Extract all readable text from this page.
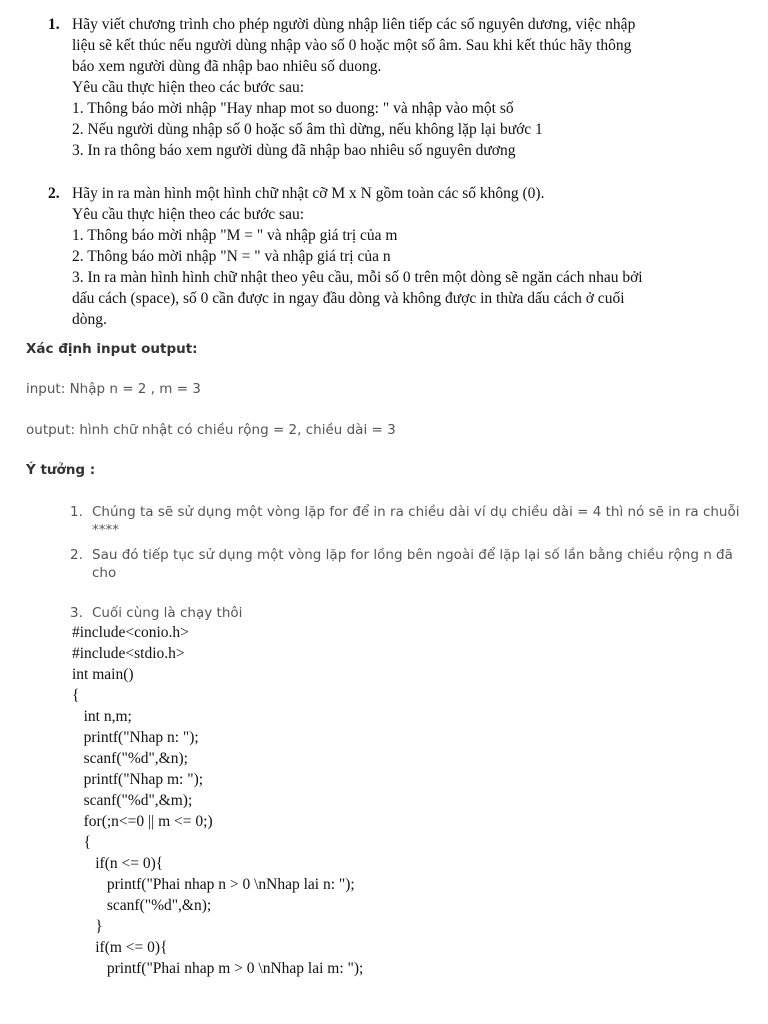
1. Hãy viết chương trình cho phép người dùng nhập liên tiếp các số nguyên dương, việc nhập
liệu sẽ kết thúc nếu người dùng nhập vào số 0 hoặc một số âm. Sau khi kết thúc hãy thông
báo xem người dùng đã nhập bao nhiêu số duong.
Yêu cầu thực hiện theo các bước sau:
1. Thông báo mời nhập "Hay nhap mot so duong: " và nhập vào một số
2. Nếu người dùng nhập số 0 hoặc số âm thì dừng, nếu không lặp lại bước 1
3. In ra thông báo xem người dùng đã nhập bao nhiêu số nguyên dương
2. Hãy in ra màn hình một hình chữ nhật cỡ M x N gồm toàn các số không (0).
Yêu cầu thực hiện theo các bước sau:
1. Thông báo mời nhập "M = " và nhập giá trị của m
2. Thông báo mời nhập "N = " và nhập giá trị của n
3. In ra màn hình hình chữ nhật theo yêu cầu, mỗi số 0 trên một dòng sẽ ngăn cách nhau bởi
dấu cách (space), số 0 cần được in ngay đầu dòng và không được in thừa dấu cách ở cuối
dòng.
Xác định input output:
input: Nhập n = 2 , m = 3
output: hình chữ nhật có chiều rộng = 2, chiều dài = 3
Ý tưởng :
1. Chúng ta sẽ sử dụng một vòng lặp for để in ra chiều dài ví dụ chiều dài = 4 thì nó sẽ in ra chuỗi ****
2. Sau đó tiếp tục sử dụng một vòng lặp for lồng bên ngoài để lặp lại số lần bằng chiều rộng n đã cho
3. Cuối cùng là chạy thôi
#include<conio.h>
#include<stdio.h>
int main()
{
int n,m;
printf("Nhap n: ");
scanf("%d",&n);
printf("Nhap m: ");
scanf("%d",&m);
for(;n<=0 || m <= 0;)
{
if(n <= 0){
printf("Phai nhap n > 0 \nNhap lai n: ");
scanf("%d",&n);
}
if(m <= 0){
printf("Phai nhap m > 0 \nNhap lai m: ");
